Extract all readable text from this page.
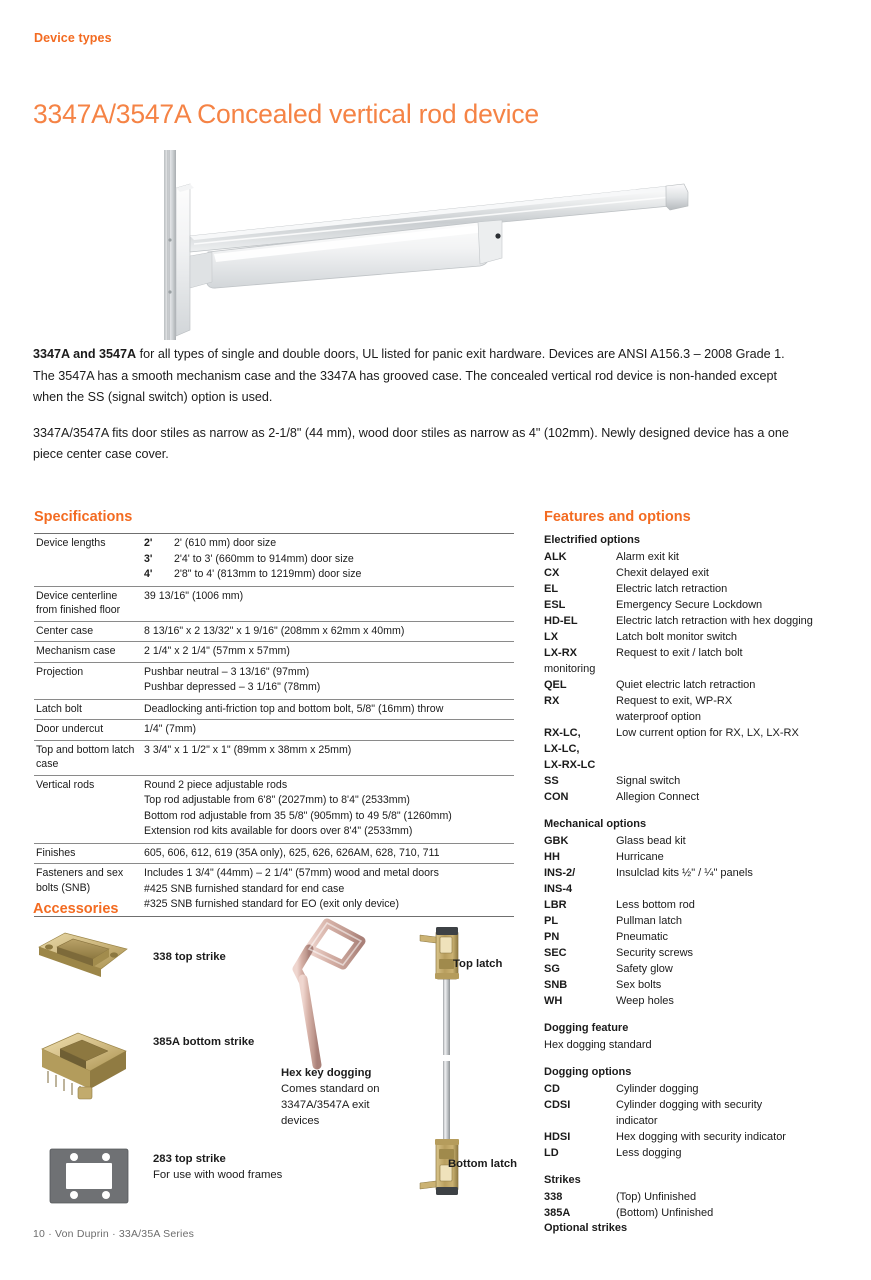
Device types
3347A/3547A Concealed vertical rod device

3347A and 3547A for all types of single and double doors, UL listed for panic exit hardware. Devices are ANSI A156.3 – 2008 Grade 1. The 3547A has a smooth mechanism case and the 3347A has grooved case. The concealed vertical rod device is non-handed except when the SS (signal switch) option is used.

3347A/3547A fits door stiles as narrow as 2-1/8" (44 mm), wood door stiles as narrow as 4" (102mm). Newly designed device has a one piece center case cover.

Specifications
Device lengths	2'	2' (610 mm) door size
3'	2'4' to 3' (660mm to 914mm) door size
4'	2'8" to 4' (813mm to 1219mm) door size

Device centerline from finished floor	39 13/16" (1006 mm)
Center case	8 13/16" x 2 13/32" x 1 9/16" (208mm x 62mm x 40mm)
Mechanism case	2 1/4" x 2 1/4" (57mm x 57mm)
Projection	Pushbar neutral – 3 13/16" (97mm)
Pushbar depressed – 3 1/16" (78mm)

Latch bolt	Deadlocking anti-friction top and bottom bolt, 5/8" (16mm) throw
Door undercut	1/4" (7mm)
Top and bottom latch case	3 3/4" x 1 1/2" x 1" (89mm x 38mm x 25mm)
Vertical rods	Round 2 piece adjustable rods
Top rod adjustable from 6'8" (2027mm) to 8'4" (2533mm)
Bottom rod adjustable from 35 5/8" (905mm) to 49 5/8" (1260mm)
Extension rod kits available for doors over 8'4" (2533mm)

Finishes	605, 606, 612, 619 (35A only), 625, 626, 626AM, 628, 710, 711
Fasteners and sex bolts (SNB)	Includes 1 3/4" (44mm) – 2 1/4" (57mm) wood and metal doors
#425 SNB furnished standard for end case
#325 SNB furnished standard for EO (exit only device)
Features and options
Electrified options
ALK	Alarm exit kit
CX	Chexit delayed exit
EL	Electric latch retraction
ESL	Emergency Secure Lockdown
HD-EL	Electric latch retraction with hex dogging
LX	Latch bolt monitor switch
LX-RX	Request to exit / latch bolt
monitoring
QEL	Quiet electric latch retraction
RX	Request to exit, WP-RX
waterproof option
RX-LC,	Low current option for RX, LX, LX-RX
LX-LC,
LX-RX-LC
SS	Signal switch
CON	Allegion Connect
Mechanical options
GBK	Glass bead kit
HH	Hurricane
INS-2/	Insulclad kits ½" / ¼" panels
INS-4
LBR	Less bottom rod
PL	Pullman latch
PN	Pneumatic
SEC	Security screws
SG	Safety glow
SNB	Sex bolts
WH	Weep holes
Dogging feature
Hex dogging standard
Dogging options
CD	Cylinder dogging
CDSI	Cylinder dogging with security
indicator
HDSI	Hex dogging with security indicator
LD	Less dogging
Strikes
338	(Top) Unfinished
385A	(Bottom) Unfinished
Optional strikes
Accessories
338 top strike
385A bottom strike
283 top strike
For use with wood frames
Hex key dogging
Comes standard on 3347A/3547A exit devices
Top latch
Bottom latch
10 · Von Duprin · 33A/35A Series
